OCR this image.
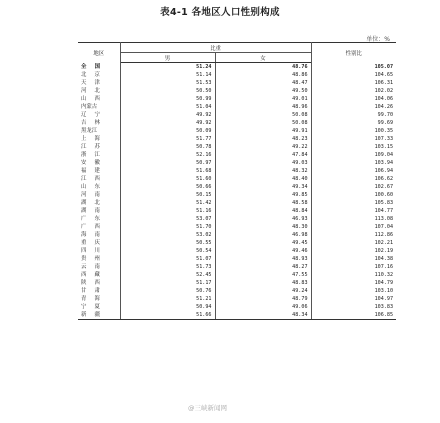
表4-1 各地区人口性别构成
单位：%
地区	比重		性别比
	男	女	
全 国	51.24	48.76	105.07
北 京	51.14	48.86	104.65
天 津	51.53	48.47	106.31
河 北	50.50	49.50	102.02
山 西	50.99	49.01	104.06
内蒙古	51.04	48.96	104.26
辽 宁	49.92	50.08	99.70
吉 林	49.92	50.08	99.69
黑龙江	50.09	49.91	100.35
上 海	51.77	48.23	107.33
江 苏	50.78	49.22	103.15
浙 江	52.16	47.84	109.04
安 徽	50.97	49.03	103.94
福 建	51.68	48.32	106.94
江 西	51.60	48.40	106.62
山 东	50.66	49.34	102.67
河 南	50.15	49.85	100.60
湖 北	51.42	48.58	105.83
湖 南	51.16	48.84	104.77
广 东	53.07	46.93	113.08
广 西	51.70	48.30	107.04
海 南	53.02	46.98	112.86
重 庆	50.55	49.45	102.21
四 川	50.54	49.46	102.19
贵 州	51.07	48.93	104.38
云 南	51.73	48.27	107.16
西 藏	52.45	47.55	110.32
陕 西	51.17	48.83	104.79
甘 肃	50.76	49.24	103.10
青 海	51.21	48.79	104.97
宁 夏	50.94	49.06	103.83
新 疆	51.66	48.34	106.85
@三峡新闻网
